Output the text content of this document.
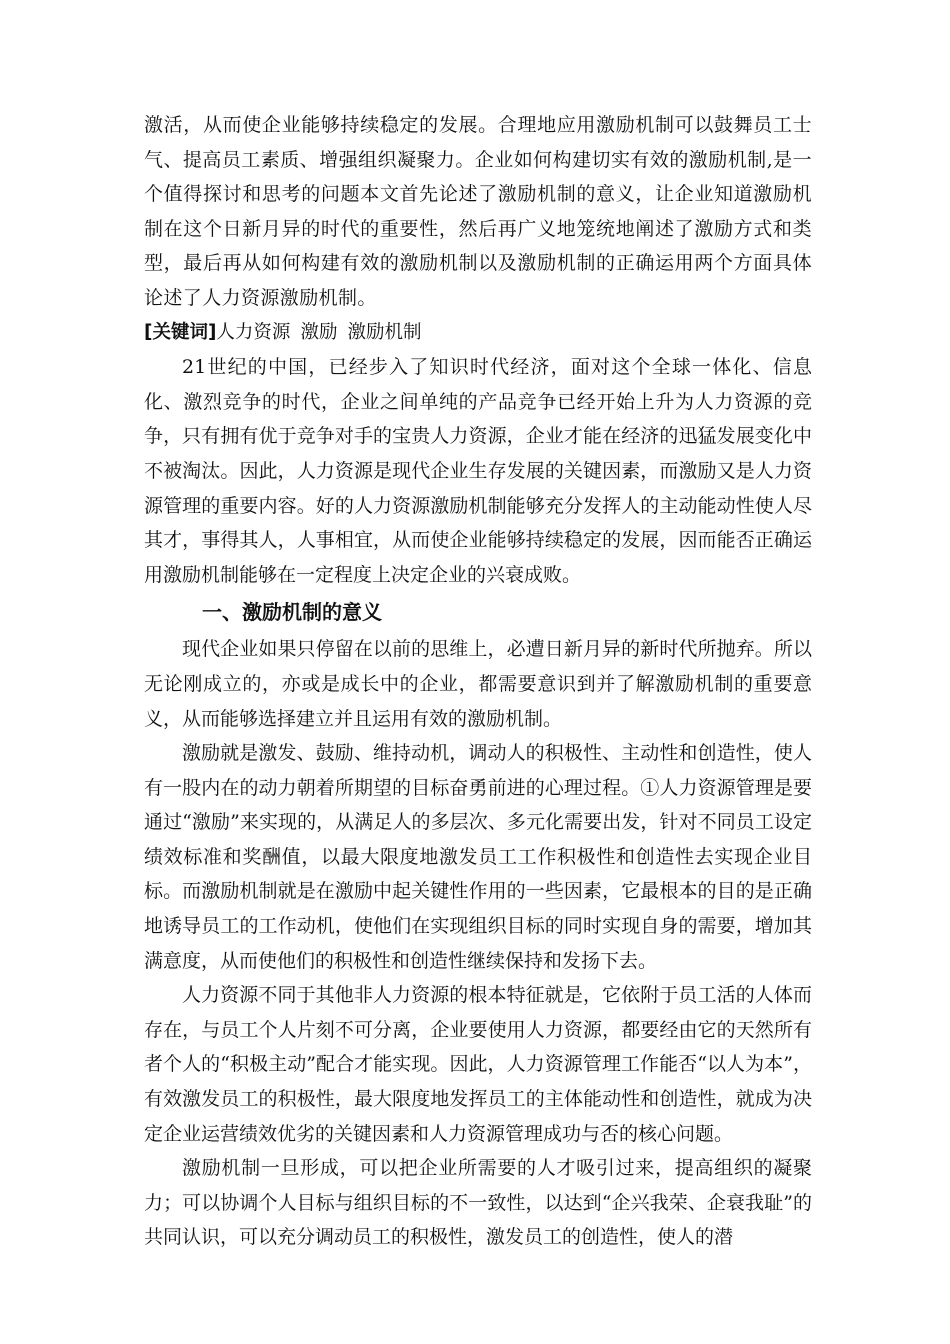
激活，从而使企业能够持续稳定的发展。合理地应用激励机制可以鼓舞员工士气、提高员工素质、增强组织凝聚力。企业如何构建切实有效的激励机制,是一个值得探讨和思考的问题本文首先论述了激励机制的意义，让企业知道激励机制在这个日新月异的时代的重要性，然后再广义地笼统地阐述了激励方式和类型，最后再从如何构建有效的激励机制以及激励机制的正确运用两个方面具体论述了人力资源激励机制。

[关键词]人力资源 激励 激励机制

21世纪的中国，已经步入了知识时代经济，面对这个全球一体化、信息化、激烈竞争的时代，企业之间单纯的产品竞争已经开始上升为人力资源的竞争，只有拥有优于竞争对手的宝贵人力资源，企业才能在经济的迅猛发展变化中不被淘汰。因此，人力资源是现代企业生存发展的关键因素，而激励又是人力资源管理的重要内容。好的人力资源激励机制能够充分发挥人的主动能动性使人尽其才，事得其人，人事相宜，从而使企业能够持续稳定的发展，因而能否正确运用激励机制能够在一定程度上决定企业的兴衰成败。

一、激励机制的意义

现代企业如果只停留在以前的思维上，必遭日新月异的新时代所抛弃。所以无论刚成立的，亦或是成长中的企业，都需要意识到并了解激励机制的重要意义，从而能够选择建立并且运用有效的激励机制。

激励就是激发、鼓励、维持动机，调动人的积极性、主动性和创造性，使人有一股内在的动力朝着所期望的目标奋勇前进的心理过程。①人力资源管理是要通过“激励”来实现的，从满足人的多层次、多元化需要出发，针对不同员工设定绩效标准和奖酬值，以最大限度地激发员工工作积极性和创造性去实现企业目标。而激励机制就是在激励中起关键性作用的一些因素，它最根本的目的是正确地诱导员工的工作动机，使他们在实现组织目标的同时实现自身的需要，增加其满意度，从而使他们的积极性和创造性继续保持和发扬下去。

人力资源不同于其他非人力资源的根本特征就是，它依附于员工活的人体而存在，与员工个人片刻不可分离，企业要使用人力资源，都要经由它的天然所有者个人的“积极主动”配合才能实现。因此，人力资源管理工作能否“以人为本”，有效激发员工的积极性，最大限度地发挥员工的主体能动性和创造性，就成为决定企业运营绩效优劣的关键因素和人力资源管理成功与否的核心问题。

激励机制一旦形成，可以把企业所需要的人才吸引过来，提高组织的凝聚力；可以协调个人目标与组织目标的不一致性，以达到“企兴我荣、企衰我耻”的共同认识，可以充分调动员工的积极性，激发员工的创造性，使人的潜
